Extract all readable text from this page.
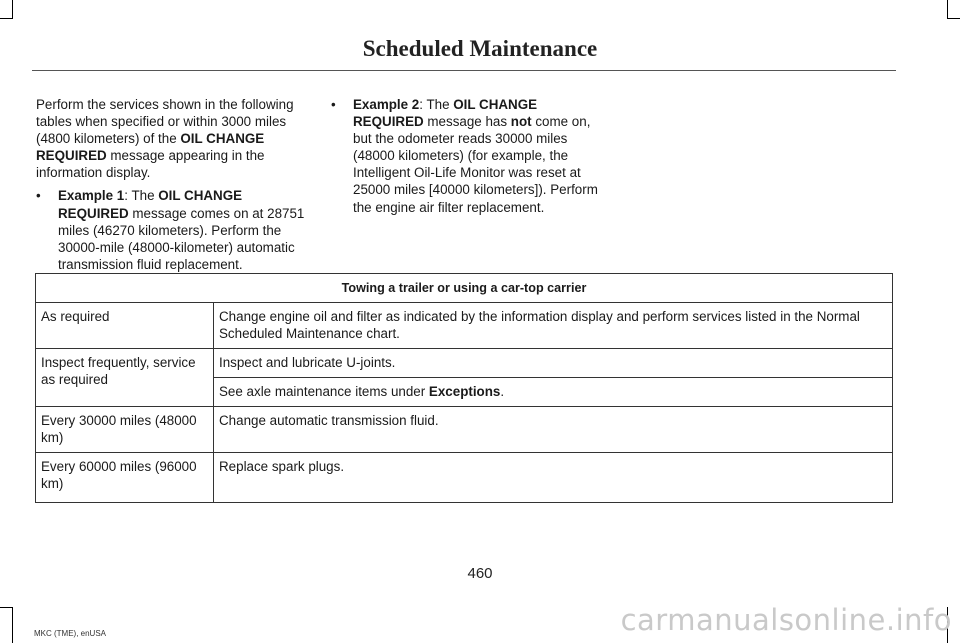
Scheduled Maintenance

Perform the services shown in the following tables when specified or within 3000 miles (4800 kilometers) of the OIL CHANGE REQUIRED message appearing in the information display.

• Example 1: The OIL CHANGE REQUIRED message comes on at 28751 miles (46270 kilometers). Perform the 30000-mile (48000-kilometer) automatic transmission fluid replacement.
• Example 2: The OIL CHANGE REQUIRED message has not come on, but the odometer reads 30000 miles (48000 kilometers) (for example, the Intelligent Oil-Life Monitor was reset at 25000 miles [40000 kilometers]). Perform the engine air filter replacement.
Towing a trailer or using a car-top carrier	
As required	Change engine oil and filter as indicated by the information display and perform services listed in the Normal Scheduled Maintenance chart.
Inspect frequently, service as required	Inspect and lubricate U-joints.
	See axle maintenance items under Exceptions.
Every 30000 miles (48000 km)	Change automatic transmission fluid.
Every 60000 miles (96000 km)	Replace spark plugs.
460
MKC (TME), enUSA	carmanualsonline.info
